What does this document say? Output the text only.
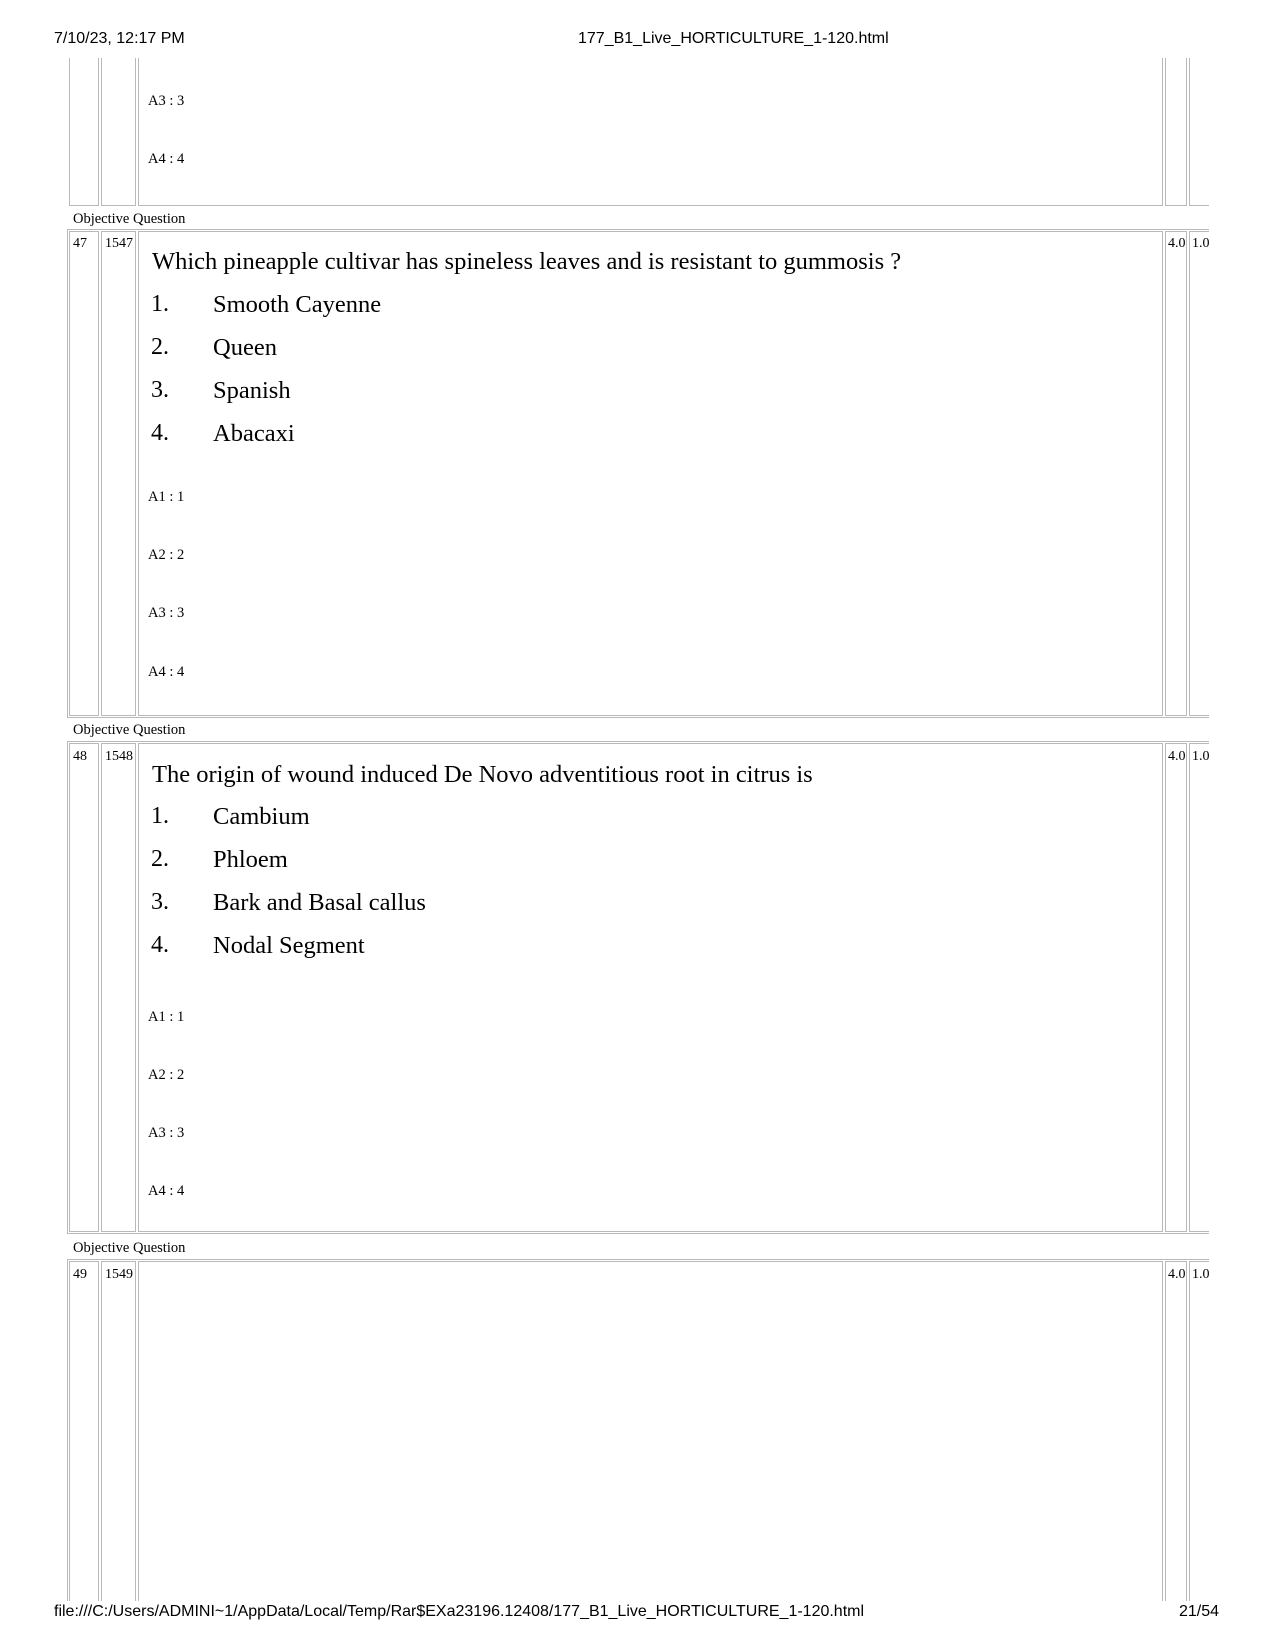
7/10/23, 12:17 PM	177_B1_Live_HORTICULTURE_1-120.html
A3 : 3
A4 : 4
Objective Question
47 1547	4.0 1.0
Which pineapple cultivar has spineless leaves and is resistant to gummosis ?
1. Smooth Cayenne
2. Queen
3. Spanish
4. Abacaxi
A1 : 1
A2 : 2
A3 : 3
A4 : 4
Objective Question
48 1548	4.0 1.0
The origin of wound induced De Novo adventitious root in citrus is
1. Cambium
2. Phloem
3. Bark and Basal callus
4. Nodal Segment
A1 : 1
A2 : 2
A3 : 3
A4 : 4
Objective Question
49 1549	4.0 1.0
file:///C:/Users/ADMINI~1/AppData/Local/Temp/Rar$EXa23196.12408/177_B1_Live_HORTICULTURE_1-120.html	21/54
